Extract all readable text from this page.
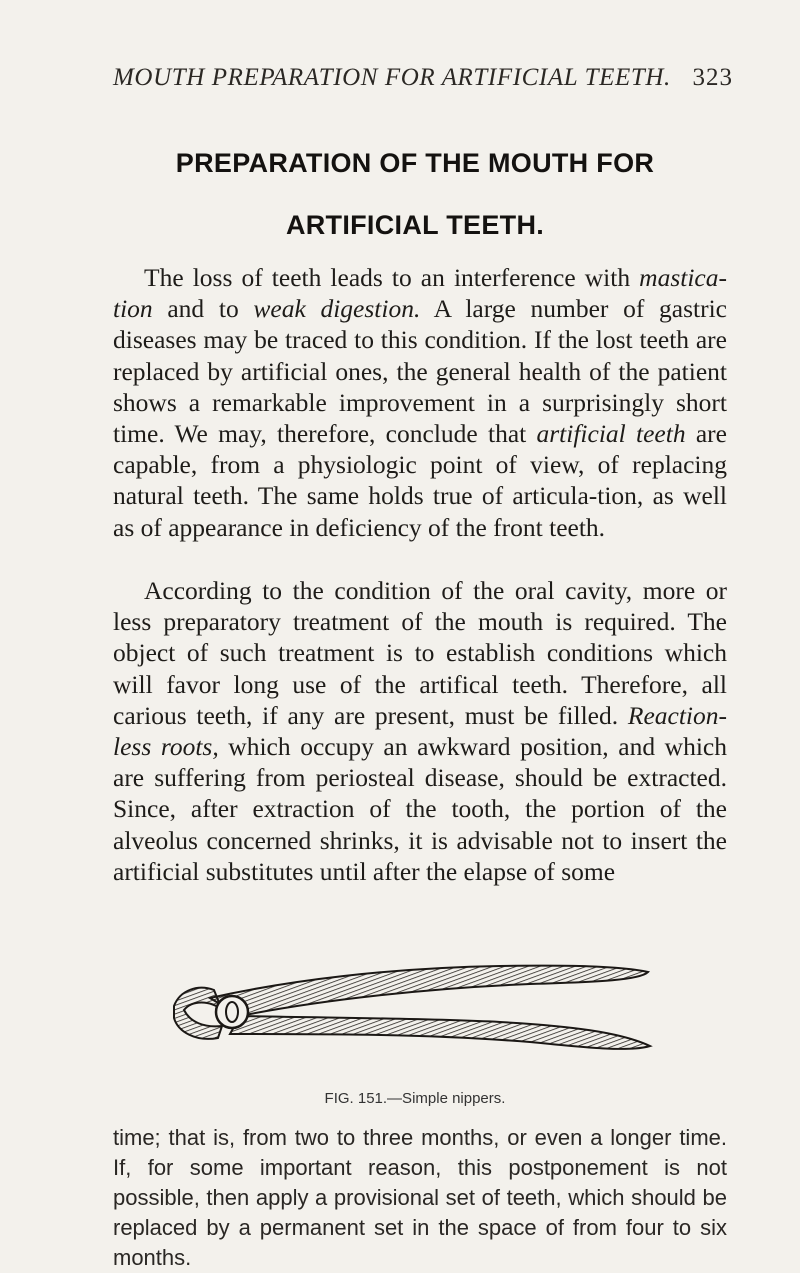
MOUTH PREPARATION FOR ARTIFICIAL TEETH. 323
PREPARATION OF THE MOUTH FOR
ARTIFICIAL TEETH.

The loss of teeth leads to an interference with mastica-tion and to weak digestion. A large number of gastric diseases may be traced to this condition. If the lost teeth are replaced by artificial ones, the general health of the patient shows a remarkable improvement in a surprisingly short time. We may, therefore, conclude that artificial teeth are capable, from a physiologic point of view, of replacing natural teeth. The same holds true of articula-tion, as well as of appearance in deficiency of the front teeth.

According to the condition of the oral cavity, more or less preparatory treatment of the mouth is required. The object of such treatment is to establish conditions which will favor long use of the artifical teeth. Therefore, all carious teeth, if any are present, must be filled. Reaction-less roots, which occupy an awkward position, and which are suffering from periosteal disease, should be extracted. Since, after extraction of the tooth, the portion of the alveolus concerned shrinks, it is advisable not to insert the artificial substitutes until after the elapse of some

FIG. 151.—Simple nippers.

time; that is, from two to three months, or even a longer time. If, for some important reason, this postponement is not possible, then apply a provisional set of teeth, which should be replaced by a permanent set in the space of from four to six months.
